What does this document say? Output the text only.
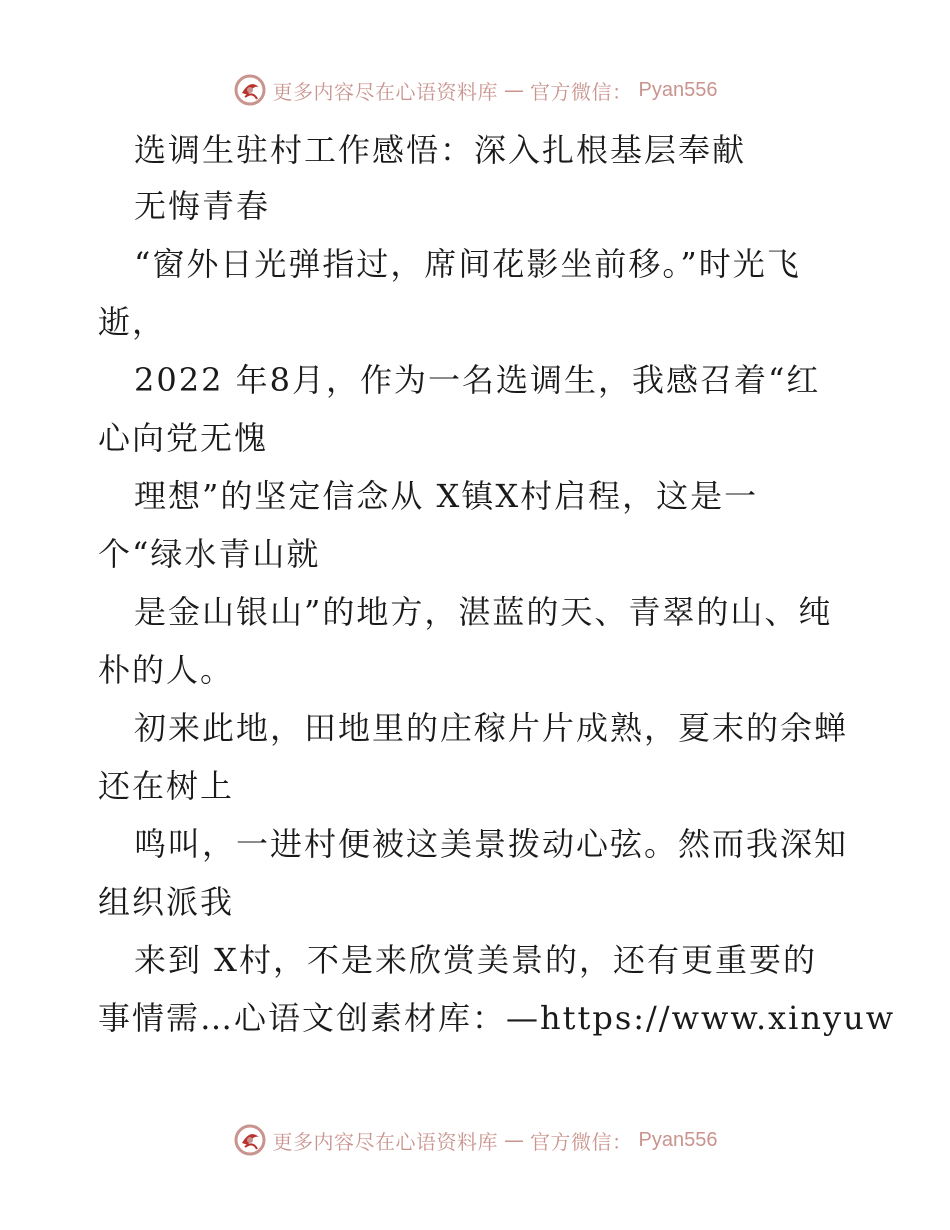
更多内容尽在心语资料库 — 官方微信： Pyan556
选调生驻村工作感悟：深入扎根基层奉献
无悔青春
“窗外日光弹指过，席间花影坐前移。”时光飞
逝，
2022 年8月，作为一名选调生，我感召着“红
心向党无愧
理想”的坚定信念从 X镇X村启程，这是一
个“绿水青山就
是金山银山”的地方，湛蓝的天、青翠的山、纯
朴的人。
初来此地，田地里的庄稼片片成熟，夏末的余蝉
还在树上
鸣叫，一进村便被这美景拨动心弦。然而我深知
组织派我
来到 X村，不是来欣赏美景的，还有更重要的
事情需…心语文创素材库：—https://www.xinyuw
更多内容尽在心语资料库 — 官方微信： Pyan556
